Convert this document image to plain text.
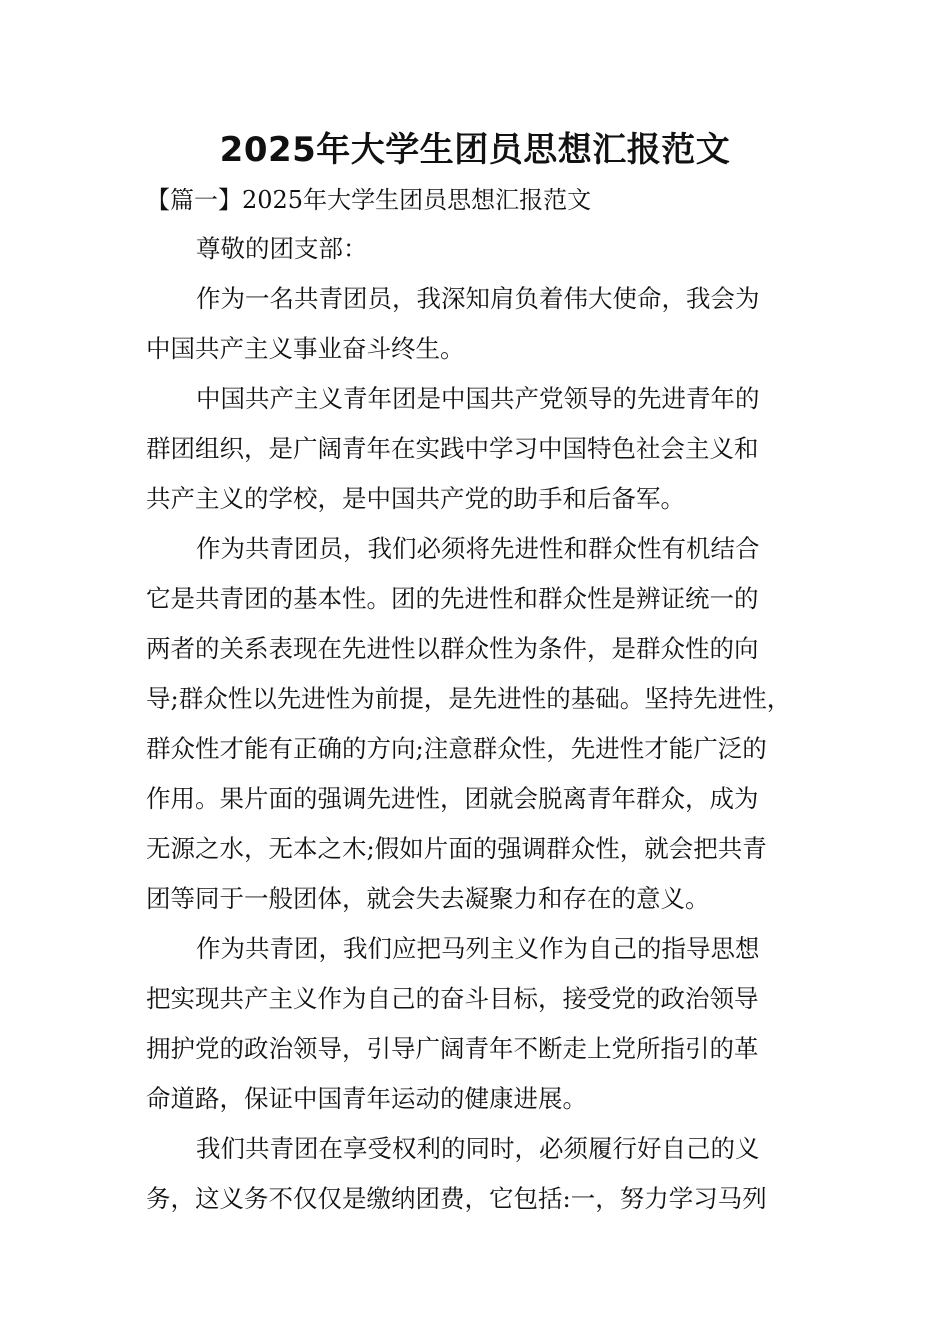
2025年大学生团员思想汇报范文

【篇一】2025年大学生团员思想汇报范文

尊敬的团支部：

作为一名共青团员，我深知肩负着伟大使命，我会为

中国共产主义事业奋斗终生。

中国共产主义青年团是中国共产党领导的先进青年的

群团组织，是广阔青年在实践中学习中国特色社会主义和

共产主义的学校，是中国共产党的助手和后备军。

作为共青团员，我们必须将先进性和群众性有机结合

它是共青团的基本性。团的先进性和群众性是辨证统一的

两者的关系表现在先进性以群众性为条件，是群众性的向

导;群众性以先进性为前提，是先进性的基础。坚持先进性，

群众性才能有正确的方向;注意群众性，先进性才能广泛的

作用。果片面的强调先进性，团就会脱离青年群众，成为

无源之水，无本之木;假如片面的强调群众性，就会把共青

团等同于一般团体，就会失去凝聚力和存在的意义。

作为共青团，我们应把马列主义作为自己的指导思想

把实现共产主义作为自己的奋斗目标，接受党的政治领导

拥护党的政治领导，引导广阔青年不断走上党所指引的革

命道路，保证中国青年运动的健康进展。

我们共青团在享受权利的同时，必须履行好自己的义

务，这义务不仅仅是缴纳团费，它包括:一，努力学习马列
